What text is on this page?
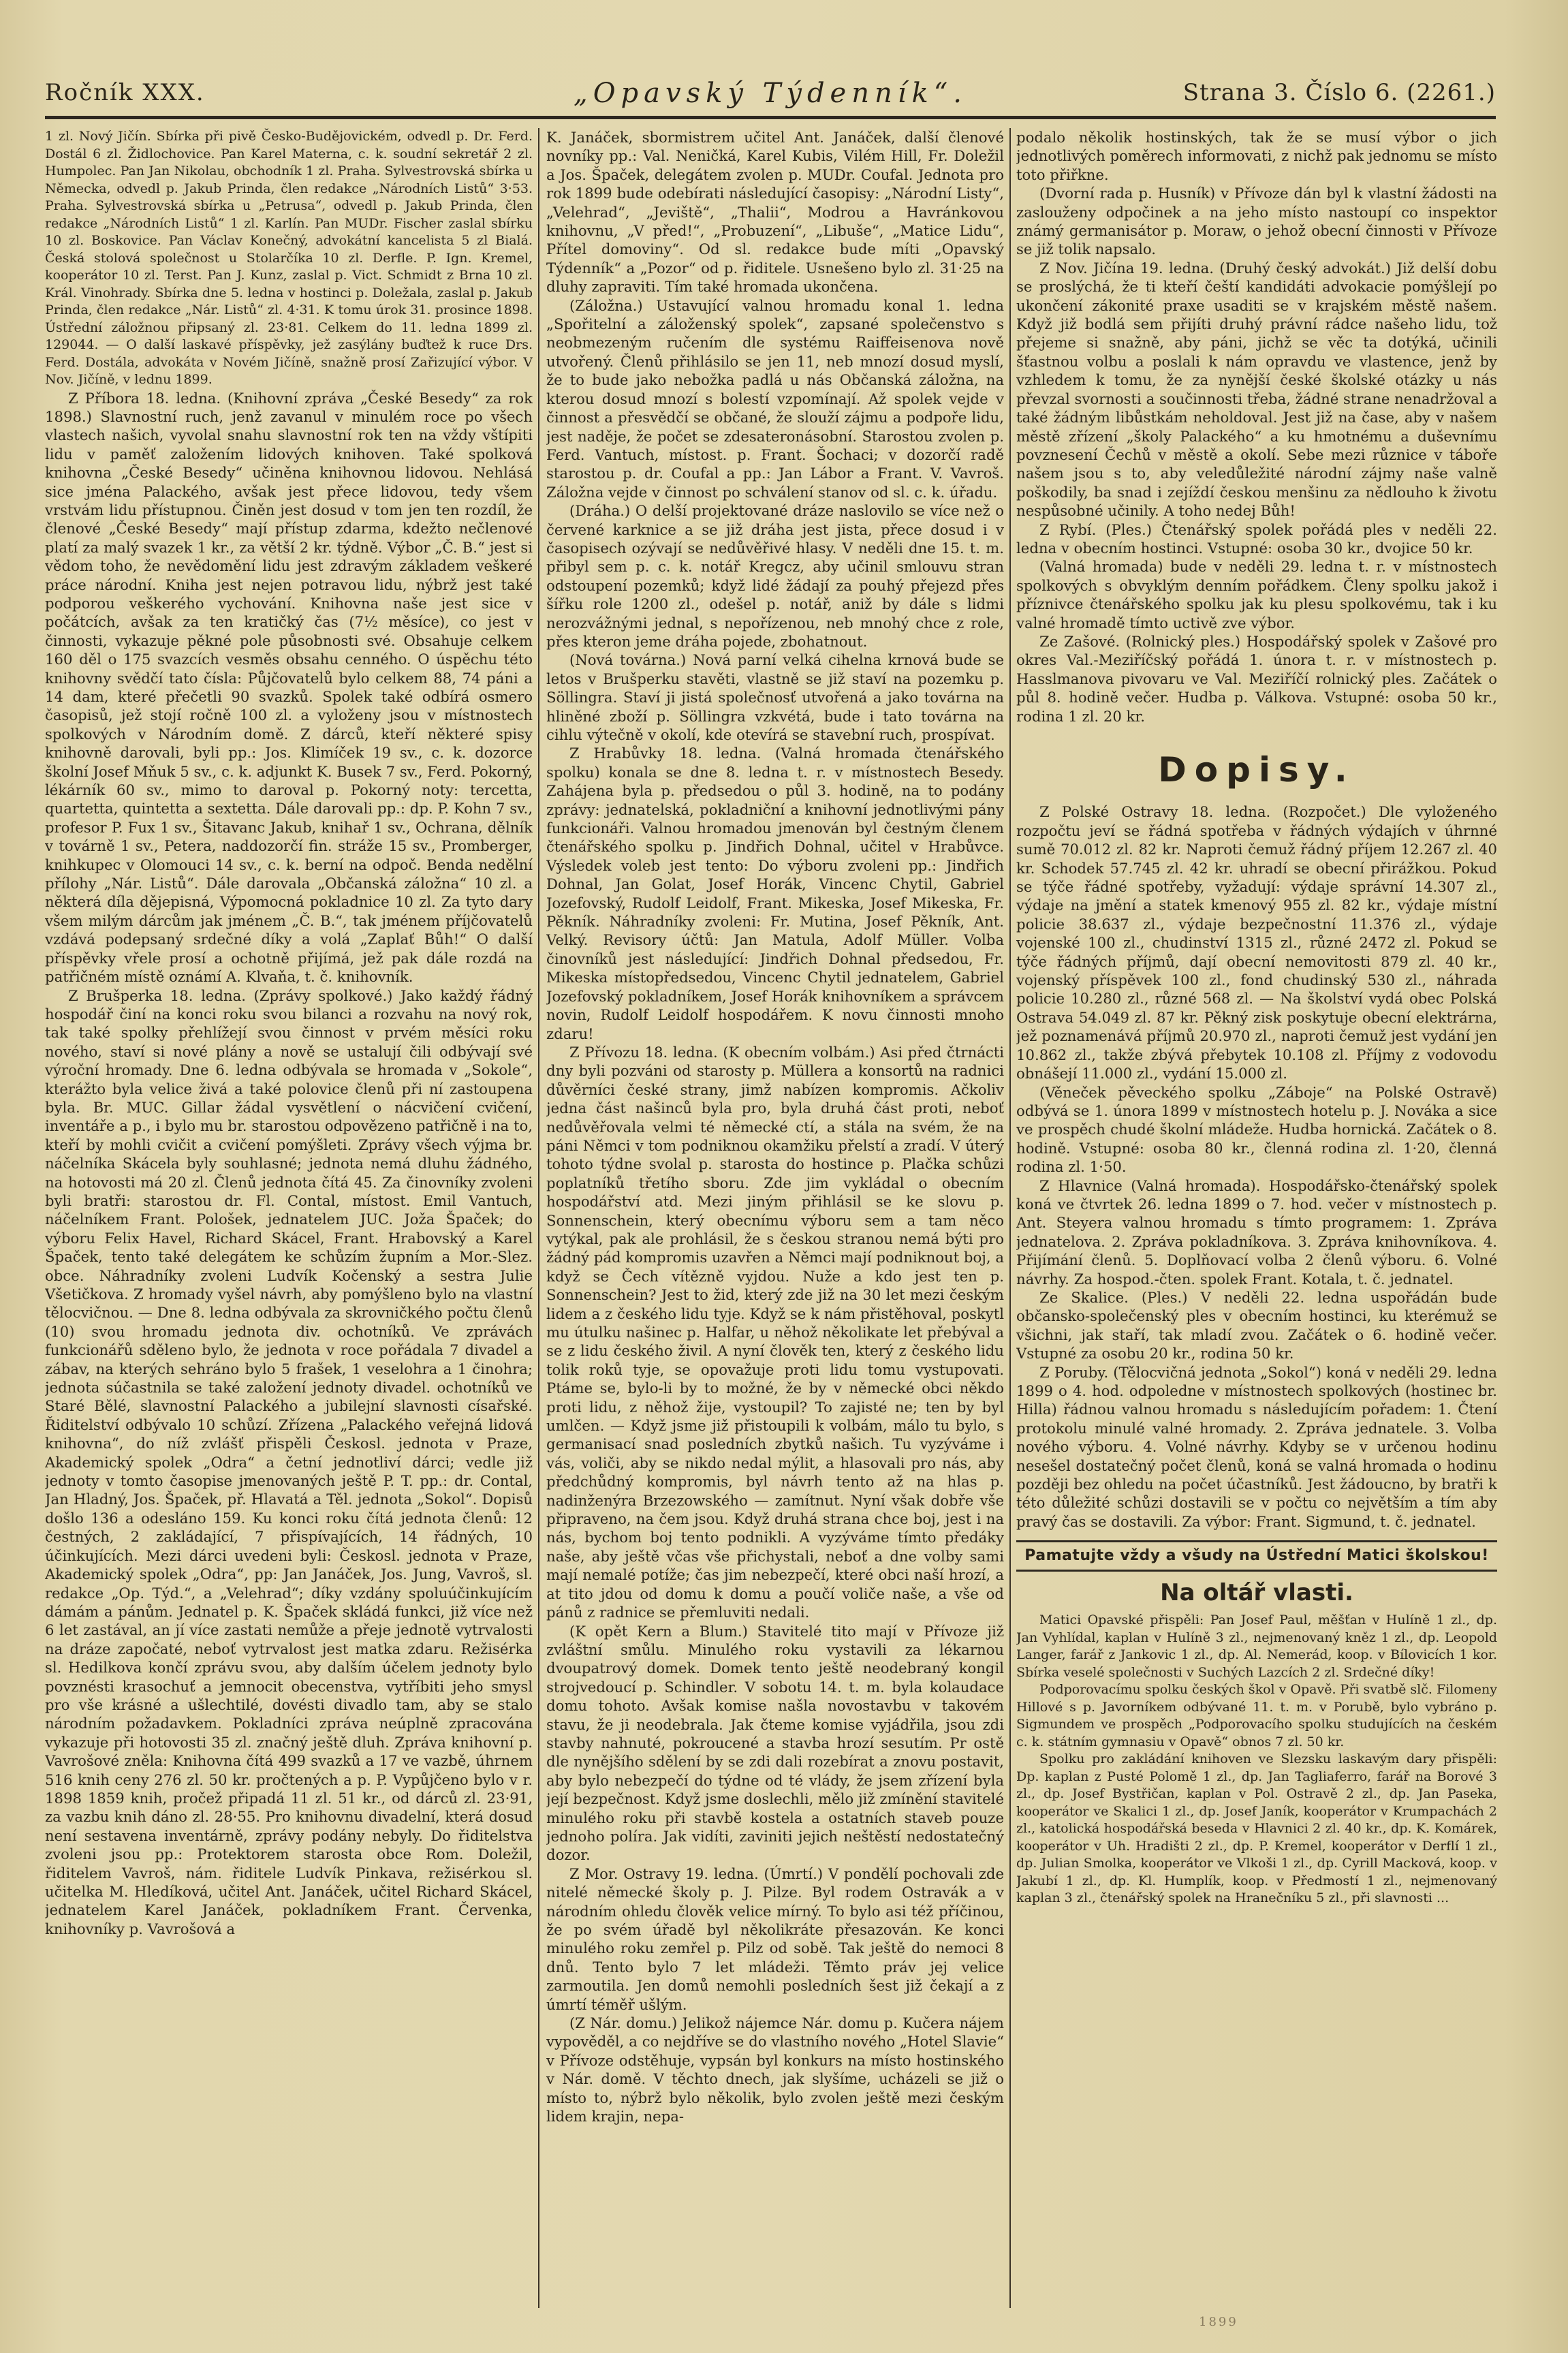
Ročník XXX.	„Opavský Týdenník“.	Strana 3. Číslo 6. (2261.)

1 zl. Nový Jičín. Sbírka při pivě Česko-Budějovickém, odvedl p. Dr. Ferd. Dostál 6 zl. Židlochovice. Pan Karel Materna, c. k. soudní sekretář 2 zl. Humpolec. Pan Jan Nikolau, obchodník 1 zl. Praha. Sylvestrovská sbírka u Německa, odvedl p. Jakub Prinda, člen redakce „Národních Listů“ 3·53. Praha. Sylvestrovská sbírka u „Petrusa“, odvedl p. Jakub Prinda, člen redakce „Národních Listů“ 1 zl. Karlín. Pan MUDr. Fischer zaslal sbírku 10 zl. Boskovice. Pan Václav Konečný, advokátní kancelista 5 zl Bialá. Česká stolová společnost u Stolarčíka 10 zl. Derfle. P. Ign. Kremel, kooperátor 10 zl. Terst. Pan J. Kunz, zaslal p. Vict. Schmidt z Brna 10 zl. Král. Vinohrady. Sbírka dne 5. ledna v hostinci p. Doležala, zaslal p. Jakub Prinda, člen redakce „Nár. Listů“ zl. 4·31. K tomu úrok 31. prosince 1898. Ústřední záložnou připsaný zl. 23·81. Celkem do 11. ledna 1899 zl. 129044. — O další laskavé příspěvky, jež zasýlány buďtež k ruce Drs. Ferd. Dostála, advokáta v Novém Jičíně, snažně prosí Zařizující výbor. V Nov. Jičíně, v lednu 1899.

Z Příbora 18. ledna. (Knihovní zpráva „České Besedy“ za rok 1898.) Slavnostní ruch, jenž zavanul v minulém roce po všech vlastech našich, vyvolal snahu slavnostní rok ten na vždy vštípiti lidu v paměť založením lidových knihoven. Také spolková knihovna „České Besedy“ učiněna knihovnou lidovou. Nehlásá sice jména Palackého, avšak jest přece lidovou, tedy všem vrstvám lidu přístupnou. Činěn jest dosud v tom jen ten rozdíl, že členové „České Besedy“ mají přístup zdarma, kdežto nečlenové platí za malý svazek 1 kr., za větší 2 kr. týdně. Výbor „Č. B.“ jest si vědom toho, že nevědomění lidu jest zdravým základem veškeré práce národní. Kniha jest nejen potravou lidu, nýbrž jest také podporou veškerého vychování. Knihovna naše jest sice v počátcích, avšak za ten kratičký čas (7½ měsíce), co jest v činnosti, vykazuje pěkné pole působnosti své. Obsahuje celkem 160 děl o 175 svazcích vesměs obsahu cenného. O úspěchu této knihovny svědčí tato čísla: Půjčovatelů bylo celkem 88, 74 páni a 14 dam, které přečetli 90 svazků. Spolek také odbírá osmero časopisů, jež stojí ročně 100 zl. a vyloženy jsou v místnostech spolkových v Národním domě. Z dárců, kteří některé spisy knihovně darovali, byli pp.: Jos. Klimíček 19 sv., c. k. dozorce školní Josef Mňuk 5 sv., c. k. adjunkt K. Busek 7 sv., Ferd. Pokorný, lékárník 60 sv., mimo to daroval p. Pokorný noty: tercetta, quartetta, quintetta a sextetta. Dále darovali pp.: dp. P. Kohn 7 sv., profesor P. Fux 1 sv., Šitavanc Jakub, knihař 1 sv., Ochrana, dělník v továrně 1 sv., Petera, naddozorčí fin. stráže 15 sv., Promberger, knihkupec v Olomouci 14 sv., c. k. berní na odpoč. Benda nedělní přílohy „Nár. Listů“. Dále darovala „Občanská záložna“ 10 zl. a některá díla dějepisná, Výpomocná pokladnice 10 zl. Za tyto dary všem milým dárcům jak jménem „Č. B.“, tak jménem příjčovatelů vzdává podepsaný srdečné díky a volá „Zaplať Bůh!“ O další příspěvky vřele prosí a ochotně přijímá, jež pak dále rozdá na patřičném místě oznámí A. Klvaňa, t. č. knihovník.

Z Brušperka 18. ledna. (Zprávy spolkové.) Jako každý řádný hospodář činí na konci roku svou bilanci a rozvahu na nový rok, tak také spolky přehlížejí svou činnost v prvém měsíci roku nového, staví si nové plány a nově se ustalují čili odbývají své výroční hromady. Dne 6. ledna odbývala se hromada v „Sokole“, kterážto byla velice živá a také polovice členů při ní zastoupena byla. Br. MUC. Gillar žádal vysvětlení o nácvičení cvičení, inventáře a p., i bylo mu br. starostou odpovězeno patřičně i na to, kteří by mohli cvičit a cvičení pomýšleti. Zprávy všech výjma br. náčelníka Skácela byly souhlasné; jednota nemá dluhu žádného, na hotovosti má 20 zl. Členů jednota čítá 45. Za činovníky zvoleni byli bratři: starostou dr. Fl. Contal, místost. Emil Vantuch, náčelníkem Frant. Pološek, jednatelem JUC. Joža Špaček; do výboru Felix Havel, Richard Skácel, Frant. Hrabovský a Karel Špaček, tento také delegátem ke schůzím župním a Mor.-Slez. obce. Náhradníky zvoleni Ludvík Kočenský a sestra Julie Všetičkova. Z hromady vyšel návrh, aby pomýšleno bylo na vlastní tělocvičnou. — Dne 8. ledna odbývala za skrovničkého počtu členů (10) svou hromadu jednota div. ochotníků. Ve zprávách funkcionářů sděleno bylo, že jednota v roce pořádala 7 divadel a zábav, na kterých sehráno bylo 5 frašek, 1 veselohra a 1 činohra; jednota súčastnila se také založení jednoty divadel. ochotníků ve Staré Bělé, slavnostní Palackého a jubilejní slavnosti císařské. Řiditelství odbývalo 10 schůzí. Zřízena „Palackého veřejná lidová knihovna“, do níž zvlášť přispěli Českosl. jednota v Praze, Akademický spolek „Odra“ a četní jednotliví dárci; vedle již jednoty v tomto časopise jmenovaných ještě P. T. pp.: dr. Contal, Jan Hladný, Jos. Špaček, př. Hlavatá a Těl. jednota „Sokol“. Dopisů došlo 136 a odesláno 159. Ku konci roku čítá jednota členů: 12 čestných, 2 zakládající, 7 přispívajících, 14 řádných, 10 účinkujících. Mezi dárci uvedeni byli: Českosl. jednota v Praze, Akademický spolek „Odra“, pp: Jan Janáček, Jos. Jung, Vavroš, sl. redakce „Op. Týd.“, a „Velehrad“; díky vzdány spoluúčinkujícím dámám a pánům. Jednatel p. K. Špaček skládá funkci, již více než 6 let zastával, an jí více zastati nemůže a přeje jednotě vytrvalosti na dráze započaté, neboť vytrvalost jest matka zdaru. Režisérka sl. Hedilkova končí zprávu svou, aby dalším účelem jednoty bylo povznésti krasochuť a jemnocit obecenstva, vytříbiti jeho smysl pro vše krásné a ušlechtilé, dovésti divadlo tam, aby se stalo národním požadavkem. Pokladníci zpráva neúplně zpracována vykazuje při hotovosti 35 zl. značný ještě dluh. Zpráva knihovní p. Vavrošové zněla: Knihovna čítá 499 svazků a 17 ve vazbě, úhrnem 516 knih ceny 276 zl. 50 kr. pročtených a p. P. Vypůjčeno bylo v r. 1898 1859 knih, pročež připadá 11 zl. 51 kr., od dárců zl. 23·91, za vazbu knih dáno zl. 28·55. Pro knihovnu divadelní, která dosud není sestavena inventárně, zprávy podány nebyly. Do řiditelstva zvoleni jsou pp.: Protektorem starosta obce Rom. Doležil, řiditelem Vavroš, nám. řiditele Ludvík Pinkava, režisérkou sl. učitelka M. Hledíková, učitel Ant. Janáček, učitel Richard Skácel, jednatelem Karel Janáček, pokladníkem Frant. Červenka, knihovníky p. Vavrošová a

K. Janáček, sbormistrem učitel Ant. Janáček, další členové novníky pp.: Val. Neničká, Karel Kubis, Vilém Hill, Fr. Doležil a Jos. Špaček, delegátem zvolen p. MUDr. Coufal. Jednota pro rok 1899 bude odebírati následující časopisy: „Národní Listy“, „Velehrad“, „Jeviště“, „Thalii“, Modrou a Havránkovou knihovnu, „V před!“, „Probuzení“, „Libuše“, „Matice Lidu“, Přítel domoviny“. Od sl. redakce bude míti „Opavský Týdenník“ a „Pozor“ od p. řiditele. Usnešeno bylo zl. 31·25 na dluhy zapraviti. Tím také hromada ukončena.

(Záložna.) Ustavující valnou hromadu konal 1. ledna „Spořitelní a záloženský spolek“, zapsané společenstvo s neobmezeným ručením dle systému Raiffeisenova nově utvořený. Členů přihlásilo se jen 11, neb mnozí dosud myslí, že to bude jako nebožka padlá u nás Občanská záložna, na kterou dosud mnozí s bolestí vzpomínají. Až spolek vejde v činnost a přesvědčí se občané, že slouží zájmu a podpoře lidu, jest naděje, že počet se zdesateronásobní. Starostou zvolen p. Ferd. Vantuch, místost. p. Frant. Šochaci; v dozorčí radě starostou p. dr. Coufal a pp.: Jan Lábor a Frant. V. Vavroš. Záložna vejde v činnost po schválení stanov od sl. c. k. úřadu.

(Dráha.) O delší projektované dráze naslovilo se více než o červené karknice a se již dráha jest jista, přece dosud i v časopisech ozývají se nedůvěřivé hlasy. V neděli dne 15. t. m. přibyl sem p. c. k. notář Kregcz, aby učinil smlouvu stran odstoupení pozemků; když lidé žádají za pouhý přejezd přes šířku role 1200 zl., odešel p. notář, aniž by dále s lidmi nerozvážnými jednal, s nepořízenou, neb mnohý chce z role, přes kteron jeme dráha pojede, zbohatnout.

(Nová továrna.) Nová parní velká cihelna krnová bude se letos v Brušperku stavěti, vlastně se již staví na pozemku p. Söllingra. Staví ji jistá společnosť utvořená a jako továrna na hliněné zboží p. Söllingra vzkvétá, bude i tato továrna na cihlu výtečně v okolí, kde otevírá se stavební ruch, prospívat.

Z Hrabůvky 18. ledna. (Valná hromada čtenářského spolku) konala se dne 8. ledna t. r. v místnostech Besedy. Zahájena byla p. předsedou o půl 3. hodině, na to podány zprávy: jednatelská, pokladniční a knihovní jednotlivými pány funkcionáři. Valnou hromadou jmenován byl čestným členem čtenářského spolku p. Jindřich Dohnal, učitel v Hrabůvce. Výsledek voleb jest tento: Do výboru zvoleni pp.: Jindřich Dohnal, Jan Golat, Josef Horák, Vincenc Chytil, Gabriel Jozefovský, Rudolf Leidolf, Frant. Mikeska, Josef Mikeska, Fr. Pěkník. Náhradníky zvoleni: Fr. Mutina, Josef Pěkník, Ant. Velký. Revisory účtů: Jan Matula, Adolf Müller. Volba činovníků jest následující: Jindřich Dohnal předsedou, Fr. Mikeska místopředsedou, Vincenc Chytil jednatelem, Gabriel Jozefovský pokladníkem, Josef Horák knihovníkem a správcem novin, Rudolf Leidolf hospodářem. K novu činnosti mnoho zdaru!

Z Přívozu 18. ledna. (K obecním volbám.) Asi před čtrnácti dny byli pozváni od starosty p. Müllera a konsortů na radnici důvěrníci české strany, jimž nabízen kompromis. Ačkoliv jedna část našinců byla pro, byla druhá část proti, neboť nedůvěřovala velmi té německé ctí, a stála na svém, že na páni Němci v tom podniknou okamžiku přelstí a zradí. V úterý tohoto týdne svolal p. starosta do hostince p. Plačka schůzi poplatníků třetího sboru. Zde jim vykládal o obecním hospodářství atd. Mezi jiným přihlásil se ke slovu p. Sonnenschein, který obecnímu výboru sem a tam něco vytýkal, pak ale prohlásil, že s českou stranou nemá býti pro žádný pád kompromis uzavřen a Němci mají podniknout boj, a když se Čech vítězně vyjdou. Nuže a kdo jest ten p. Sonnenschein? Jest to žid, který zde již na 30 let mezi českým lidem a z českého lidu tyje. Když se k nám přistěhoval, poskytl mu útulku našinec p. Halfar, u něhož několikate let přebýval a se z lidu českého živil. A nyní člověk ten, který z českého lidu tolik roků tyje, se opovažuje proti lidu tomu vystupovati. Ptáme se, bylo-li by to možné, že by v německé obci někdo proti lidu, z něhož žije, vystoupil? To zajisté ne; ten by byl umlčen. — Když jsme již přistoupili k volbám, málo tu bylo, s germanisací snad posledních zbytků našich. Tu vyzýváme i vás, voliči, aby se nikdo nedal mýlit, a hlasovali pro nás, aby předchůdný kompromis, byl návrh tento až na hlas p. nadinženýra Brzezowského — zamítnut. Nyní však dobře vše připraveno, na čem jsou. Když druhá strana chce boj, jest i na nás, bychom boj tento podnikli. A vyzýváme tímto předáky naše, aby ještě včas vše přichystali, neboť a dne volby sami mají nemalé potíže; čas jim nebezpečí, které obci naší hrozí, a at tito jdou od domu k domu a poučí voliče naše, a vše od pánů z radnice se přemluviti nedali.

(K opět Kern a Blum.) Stavitelé tito mají v Přívoze již zvláštní smůlu. Minulého roku vystavili za lékarnou dvoupatrový domek. Domek tento ještě neodebraný kongil strojvedoucí p. Schindler. V sobotu 14. t. m. byla kolaudace domu tohoto. Avšak komise našla novostavbu v takovém stavu, že ji neodebrala. Jak čteme komise vyjádřila, jsou zdi stavby nahnuté, pokroucené a stavba hrozí sesutím. Pr ostě dle nynějšího sdělení by se zdi dali rozebírat a znovu postavit, aby bylo nebezpečí do týdne od té vlády, že jsem zřízení byla její bezpečnost. Když jsme doslechli, mělo již zmínění stavitelé minulého roku při stavbě kostela a ostatních staveb pouze jednoho políra. Jak vidíti, zaviniti jejich neštěstí nedostatečný dozor.

Z Mor. Ostravy 19. ledna. (Úmrtí.) V pondělí pochovali zde nitelé německé školy p. J. Pilze. Byl rodem Ostravák a v národním ohledu člověk velice mírný. To bylo asi též příčinou, že po svém úřadě byl několikráte přesazován. Ke konci minulého roku zemřel p. Pilz od sobě. Tak ještě do nemoci 8 dnů. Tento bylo 7 let mládeži. Těmto práv jej velice zarmoutila. Jen domů nemohli posledních šest již čekají a z úmrtí téměř ušlým.

(Z Nár. domu.) Jelikož nájemce Nár. domu p. Kučera nájem vypověděl, a co nejdříve se do vlastního nového „Hotel Slavie“ v Přívoze odstěhuje, vypsán byl konkurs na místo hostinského v Nár. domě. V těchto dnech, jak slyšíme, ucházeli se již o místo to, nýbrž bylo několik, bylo zvolen ještě mezi českým lidem krajin, nepa-

podalo několik hostinských, tak že se musí výbor o jich jednotlivých poměrech informovati, z nichž pak jednomu se místo toto přiřkne.

(Dvorní rada p. Husník) v Přívoze dán byl k vlastní žádosti na zaslouženy odpočinek a na jeho místo nastoupí co inspektor známý germanisátor p. Moraw, o jehož obecní činnosti v Přívoze se již tolik napsalo.

Z Nov. Jičína 19. ledna. (Druhý český advokát.) Již delší dobu se proslýchá, že ti kteří čeští kandidáti advokacie pomýšlejí po ukončení zákonité praxe usaditi se v krajském městě našem. Když již bodlá sem přijíti druhý právní rádce našeho lidu, tož přejeme si snažně, aby páni, jichž se věc ta dotýká, učinili šťastnou volbu a poslali k nám opravdu ve vlastence, jenž by vzhledem k tomu, že za nynější české školské otázky u nás převzal svornosti a součinnosti třeba, žádné strane nenadržoval a také žádným libůstkám neholdoval. Jest již na čase, aby v našem městě zřízení „školy Palackého“ a ku hmotnému a duševnímu povznesení Čechů v městě a okolí. Sebe mezi různice v táboře našem jsou s to, aby veledůležité národní zájmy naše valně poškodily, ba snad i zejíždí českou menšinu za nědlouho k životu nespůsobné učinily. A toho nedej Bůh!

Z Rybí. (Ples.) Čtenářský spolek pořádá ples v neděli 22. ledna v obecním hostinci. Vstupné: osoba 30 kr., dvojice 50 kr.

(Valná hromada) bude v neděli 29. ledna t. r. v místnostech spolkových s obvyklým denním pořádkem. Členy spolku jakož i příznivce čtenářského spolku jak ku plesu spolkovému, tak i ku valné hromadě tímto uctivě zve výbor.

Ze Zašové. (Rolnický ples.) Hospodářský spolek v Zašové pro okres Val.-Meziříčský pořádá 1. února t. r. v místnostech p. Hasslmanova pivovaru ve Val. Meziříčí rolnický ples. Začátek o půl 8. hodině večer. Hudba p. Válkova. Vstupné: osoba 50 kr., rodina 1 zl. 20 kr.

Dopisy.

Z Polské Ostravy 18. ledna. (Rozpočet.) Dle vyloženého rozpočtu jeví se řádná spotřeba v řádných výdajích v úhrnné sumě 70.012 zl. 82 kr. Naproti čemuž řádný příjem 12.267 zl. 40 kr. Schodek 57.745 zl. 42 kr. uhradí se obecní přirážkou. Pokud se týče řádné spotřeby, vyžadují: výdaje správní 14.307 zl., výdaje na jmění a statek kmenový 955 zl. 82 kr., výdaje místní policie 38.637 zl., výdaje bezpečnostní 11.376 zl., výdaje vojenské 100 zl., chudinství 1315 zl., různé 2472 zl. Pokud se týče řádných příjmů, dají obecní nemovitosti 879 zl. 40 kr., vojenský příspěvek 100 zl., fond chudinský 530 zl., náhrada policie 10.280 zl., různé 568 zl. — Na školství vydá obec Polská Ostrava 54.049 zl. 87 kr. Pěkný zisk poskytuje obecní elektrárna, jež poznamenává příjmů 20.970 zl., naproti čemuž jest vydání jen 10.862 zl., takže zbývá přebytek 10.108 zl. Příjmy z vodovodu obnášejí 11.000 zl., vydání 15.000 zl.

(Věneček pěveckého spolku „Záboje“ na Polské Ostravě) odbývá se 1. února 1899 v místnostech hotelu p. J. Nováka a sice ve prospěch chudé školní mládeže. Hudba hornická. Začátek o 8. hodině. Vstupné: osoba 80 kr., členná rodina zl. 1·20, členná rodina zl. 1·50.

Z Hlavnice (Valná hromada). Hospodářsko-čtenářský spolek koná ve čtvrtek 26. ledna 1899 o 7. hod. večer v místnostech p. Ant. Steyera valnou hromadu s tímto programem: 1. Zpráva jednatelova. 2. Zpráva pokladníkova. 3. Zpráva knihovníkova. 4. Přijímání členů. 5. Doplňovací volba 2 členů výboru. 6. Volné návrhy. Za hospod.-čten. spolek Frant. Kotala, t. č. jednatel.

Ze Skalice. (Ples.) V neděli 22. ledna uspořádán bude občansko-společenský ples v obecním hostinci, ku kterémuž se všichni, jak staří, tak mladí zvou. Začátek o 6. hodině večer. Vstupné za osobu 20 kr., rodina 50 kr.

Z Poruby. (Tělocvičná jednota „Sokol“) koná v neděli 29. ledna 1899 o 4. hod. odpoledne v místnostech spolkových (hostinec br. Hilla) řádnou valnou hromadu s následujícím pořadem: 1. Čtení protokolu minulé valné hromady. 2. Zpráva jednatele. 3. Volba nového výboru. 4. Volné návrhy. Kdyby se v určenou hodinu nesešel dostatečný počet členů, koná se valná hromada o hodinu později bez ohledu na počet účastníků. Jest žádoucno, by bratři k této důležité schůzi dostavili se v počtu co největším a tím aby pravý čas se dostavili. Za výbor: Frant. Sigmund, t. č. jednatel.

Pamatujte vždy a všudy na Ústřední Matici školskou!
Na oltář vlasti.

Matici Opavské přispěli: Pan Josef Paul, měšťan v Hulíně 1 zl., dp. Jan Vyhlídal, kaplan v Hulíně 3 zl., nejmenovaný kněz 1 zl., dp. Leopold Langer, farář z Jankovic 1 zl., dp. Al. Nemerád, koop. v Bílovicích 1 kor. Sbírka veselé společnosti v Suchých Lazcích 2 zl. Srdečné díky!

Podporovacímu spolku českých škol v Opavě. Při svatbě slč. Filomeny Hillové s p. Javorníkem odbývané 11. t. m. v Porubě, bylo vybráno p. Sigmundem ve prospěch „Podporovacího spolku studujících na českém c. k. státním gymnasiu v Opavě“ obnos 7 zl. 50 kr.

Spolku pro zakládání knihoven ve Slezsku laskavým dary přispěli: Dp. kaplan z Pusté Polomě 1 zl., dp. Jan Tagliaferro, farář na Borové 3 zl., dp. Josef Bystřičan, kaplan v Pol. Ostravě 2 zl., dp. Jan Paseka, kooperátor ve Skalici 1 zl., dp. Josef Janík, kooperátor v Krumpachách 2 zl., katolická hospodářská beseda v Hlavnici 2 zl. 40 kr., dp. K. Komárek, kooperátor v Uh. Hradišti 2 zl., dp. P. Kremel, kooperátor v Derflí 1 zl., dp. Julian Smolka, kooperátor ve Vlkoši 1 zl., dp. Cyrill Macková, koop. v Jakubí 1 zl., dp. Kl. Humplík, koop. v Předmostí 1 zl., nejmenovaný kaplan 3 zl., čtenářský spolek na Hranečníku 5 zl., při slavnosti ...

1899
